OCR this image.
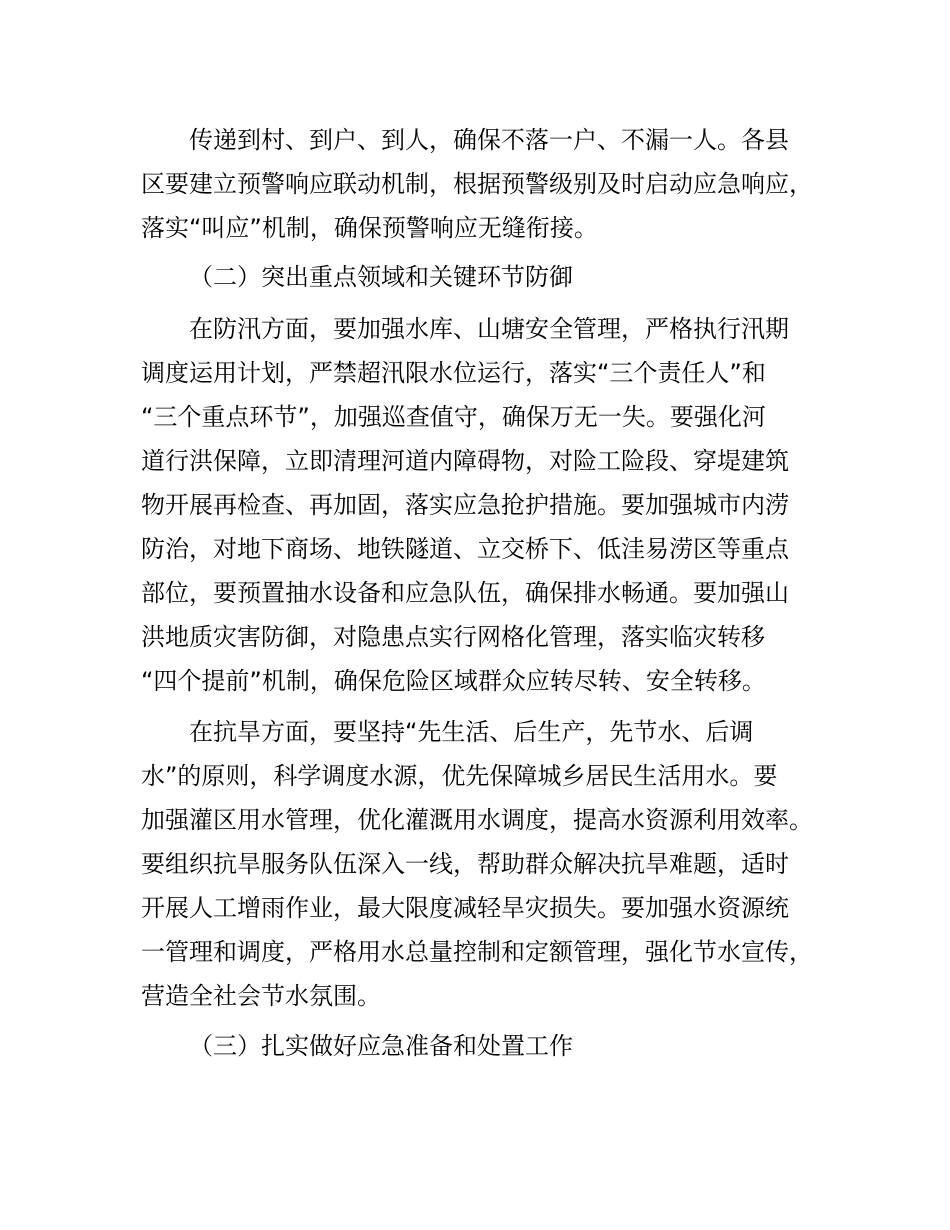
　　传递到村、到户、到人，确保不落一户、不漏一人。各县

区要建立预警响应联动机制，根据预警级别及时启动应急响应，

落实“叫应”机制，确保预警响应无缝衔接。

（二）突出重点领域和关键环节防御

　　在防汛方面，要加强水库、山塘安全管理，严格执行汛期

调度运用计划，严禁超汛限水位运行，落实“三个责任人”和

“三个重点环节”，加强巡查值守，确保万无一失。要强化河

道行洪保障，立即清理河道内障碍物，对险工险段、穿堤建筑

物开展再检查、再加固，落实应急抢护措施。要加强城市内涝

防治，对地下商场、地铁隧道、立交桥下、低洼易涝区等重点

部位，要预置抽水设备和应急队伍，确保排水畅通。要加强山

洪地质灾害防御，对隐患点实行网格化管理，落实临灾转移

“四个提前”机制，确保危险区域群众应转尽转、安全转移。

　　在抗旱方面，要坚持“先生活、后生产，先节水、后调

水”的原则，科学调度水源，优先保障城乡居民生活用水。要

加强灌区用水管理，优化灌溉用水调度，提高水资源利用效率。

要组织抗旱服务队伍深入一线，帮助群众解决抗旱难题，适时

开展人工增雨作业，最大限度减轻旱灾损失。要加强水资源统

一管理和调度，严格用水总量控制和定额管理，强化节水宣传，

营造全社会节水氛围。

（三）扎实做好应急准备和处置工作
